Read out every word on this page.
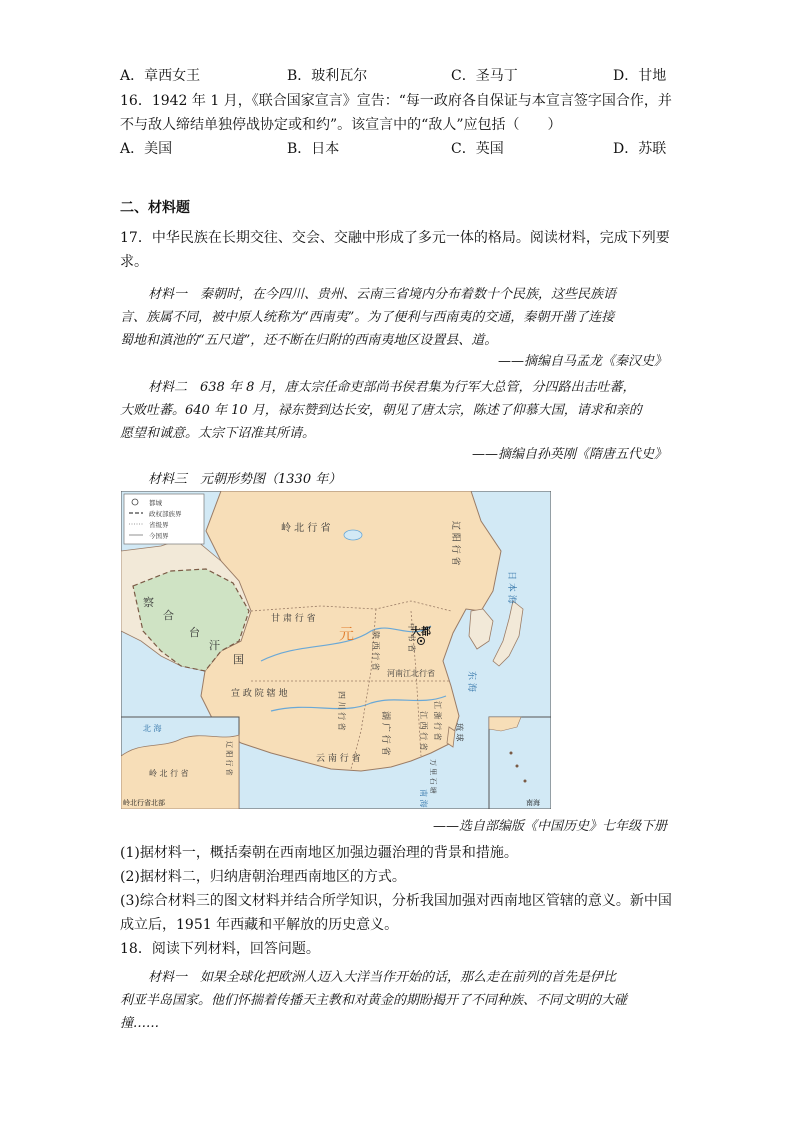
A．章西女王	B．玻利瓦尔	C．圣马丁	D．甘地
16．1942 年 1 月，《联合国家宣言》宣告：“每一政府各自保证与本宣言签字国合作，并
不与敌人缔结单独停战协定或和约”。该宣言中的“敌人”应包括（　　）
A．美国	B．日本	C．英国	D．苏联
二、材料题
17．中华民族在长期交往、交会、交融中形成了多元一体的格局。阅读材料，完成下列要
求。
材料一　秦朝时，在今四川、贵州、云南三省境内分布着数十个民族，这些民族语
言、族属不同，被中原人统称为“西南夷”。为了便利与西南夷的交通，秦朝开凿了连接
蜀地和滇池的“五尺道”，还不断在归附的西南夷地区设置县、道。
——摘编自马孟龙《秦汉史》
材料二　638 年 8 月，唐太宗任命吏部尚书侯君集为行军大总管，分四路出击吐蕃，
大败吐蕃。640 年 10 月，禄东赞到达长安，朝见了唐太宗，陈述了仰慕大国，请求和亲的
愿望和诚意。太宗下诏准其所请。
——摘编自孙英刚《隋唐五代史》
材料三　元朝形势图（1330 年）
都城
政权部族界
省级界
今国界
岭 北 行 省	辽 阳 行 省
察
合
台
汗
国
大都
元
甘 肃 行 省
陕 西 行 省
河南江北行省
中 书 省
宣 政 院 辖 地	四 川 行 省
湖 广 行 省	江 西 行 省 江 浙 行 省
云 南 行 省
东 海
日 本 海
琉 球
万 里 石 塘
南 海
北 海
岭 北 行 省	辽 阳 行 省
岭北行省北部	南海
——选自部编版《中国历史》七年级下册
(1)据材料一，概括秦朝在西南地区加强边疆治理的背景和措施。
(2)据材料二，归纳唐朝治理西南地区的方式。
(3)综合材料三的图文材料并结合所学知识，分析我国加强对西南地区管辖的意义。新中国
成立后，1951 年西藏和平解放的历史意义。
18．阅读下列材料，回答问题。
材料一　如果全球化把欧洲人迈入大洋当作开始的话，那么走在前列的首先是伊比
利亚半岛国家。他们怀揣着传播天主教和对黄金的期盼揭开了不同种族、不同文明的大碰
撞……
